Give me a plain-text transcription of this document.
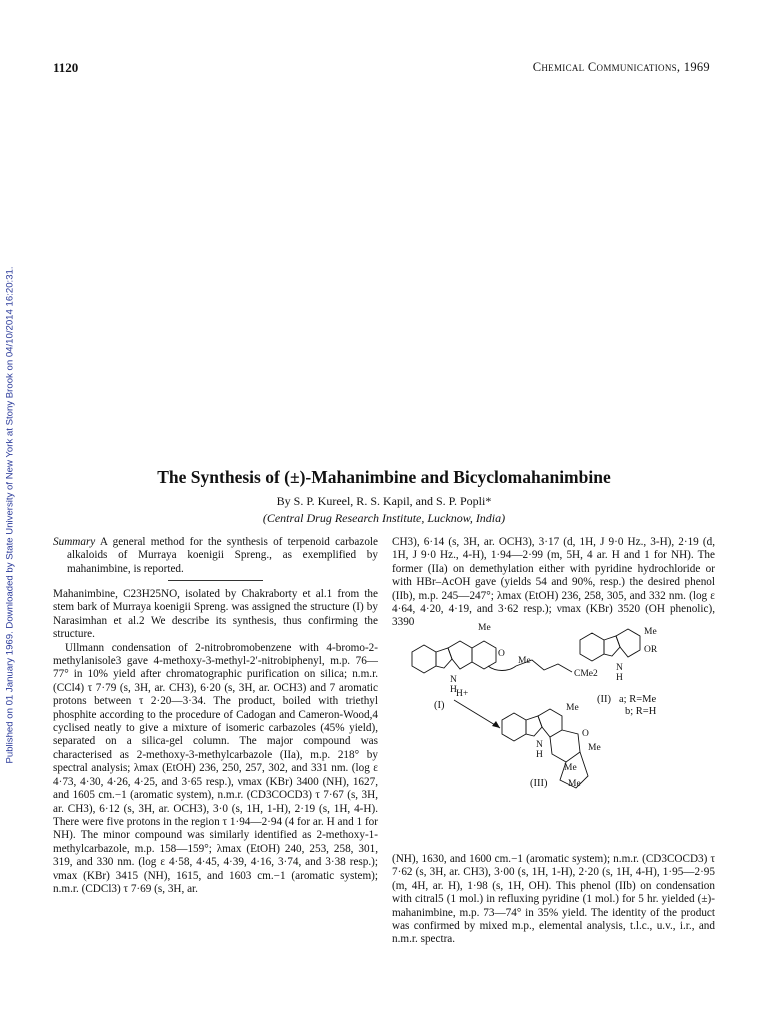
1120	Chemical Communications, 1969
Published on 01 January 1969. Downloaded by State University of New York at Stony Brook on 04/10/2014 16:20:31.	The Synthesis of (±)-Mahanimbine and Bicyclomahanimbine
By S. P. Kureel, R. S. Kapil, and S. P. Popli*
(Central Drug Research Institute, Lucknow, India)

Summary A general method for the synthesis of terpenoid carbazole alkaloids of Murraya koenigii Spreng., as exemplified by mahanimbine, is reported.

Mahanimbine, C23H25NO, isolated by Chakraborty et al.1 from the stem bark of Murraya koenigii Spreng. was assigned the structure (I) by Narasimhan et al.2 We describe its synthesis, thus confirming the structure.

Ullmann condensation of 2-nitrobromobenzene with 4-bromo-2-methylanisole3 gave 4-methoxy-3-methyl-2′-nitrobiphenyl, m.p. 76—77° in 10% yield after chromatographic purification on silica; n.m.r. (CCl4) τ 7·79 (s, 3H, ar. CH3), 6·20 (s, 3H, ar. OCH3) and 7 aromatic protons between τ 2·20—3·34. The product, boiled with triethyl phosphite according to the procedure of Cadogan and Cameron-Wood,4 cyclised neatly to give a mixture of isomeric carbazoles (45% yield), separated on a silica-gel column. The major compound was characterised as 2-methoxy-3-methylcarbazole (IIa), m.p. 218° by spectral analysis; λmax (EtOH) 236, 250, 257, 302, and 331 nm. (log ε 4·73, 4·30, 4·26, 4·25, and 3·65 resp.), νmax (KBr) 3400 (NH), 1627, and 1605 cm.−1 (aromatic system), n.m.r. (CD3COCD3) τ 7·67 (s, 3H, ar. CH3), 6·12 (s, 3H, ar. OCH3), 3·0 (s, 1H, 1-H), 2·19 (s, 1H, 4-H). There were five protons in the region τ 1·94—2·94 (4 for ar. H and 1 for NH). The minor compound was similarly identified as 2-methoxy-1-methylcarbazole, m.p. 158—159°; λmax (EtOH) 240, 253, 258, 301, 319, and 330 nm. (log ε 4·58, 4·45, 4·39, 4·16, 3·74, and 3·38 resp.); νmax (KBr) 3415 (NH), 1615, and 1603 cm.−1 (aromatic system); n.m.r. (CDCl3) τ 7·69 (s, 3H, ar.

CH3), 6·14 (s, 3H, ar. OCH3), 3·17 (d, 1H, J 9·0 Hz., 3-H), 2·19 (d, 1H, J 9·0 Hz., 4-H), 1·94—2·99 (m, 5H, 4 ar. H and 1 for NH). The former (IIa) on demethylation either with pyridine hydrochloride or with HBr–AcOH gave (yields 54 and 90%, resp.) the desired phenol (IIb), m.p. 245—247°; λmax (EtOH) 236, 258, 305, and 332 nm. (log ε 4·64, 4·20, 4·19, and 3·62 resp.); νmax (KBr) 3520 (OH phenolic), 3390

N
H
O
Me
Me
CMe2
(I)
N
H
Me
OR
(II) a; R=Me
b; R=H
H+
N
H
Me
O
Me
Me
Me
(III)

(NH), 1630, and 1600 cm.−1 (aromatic system); n.m.r. (CD3COCD3) τ 7·62 (s, 3H, ar. CH3), 3·00 (s, 1H, 1-H), 2·20 (s, 1H, 4-H), 1·95—2·95 (m, 4H, ar. H), 1·98 (s, 1H, OH). This phenol (IIb) on condensation with citral5 (1 mol.) in refluxing pyridine (1 mol.) for 5 hr. yielded (±)-mahanimbine, m.p. 73—74° in 35% yield. The identity of the product was confirmed by mixed m.p., elemental analysis, t.l.c., u.v., i.r., and n.m.r. spectra.
